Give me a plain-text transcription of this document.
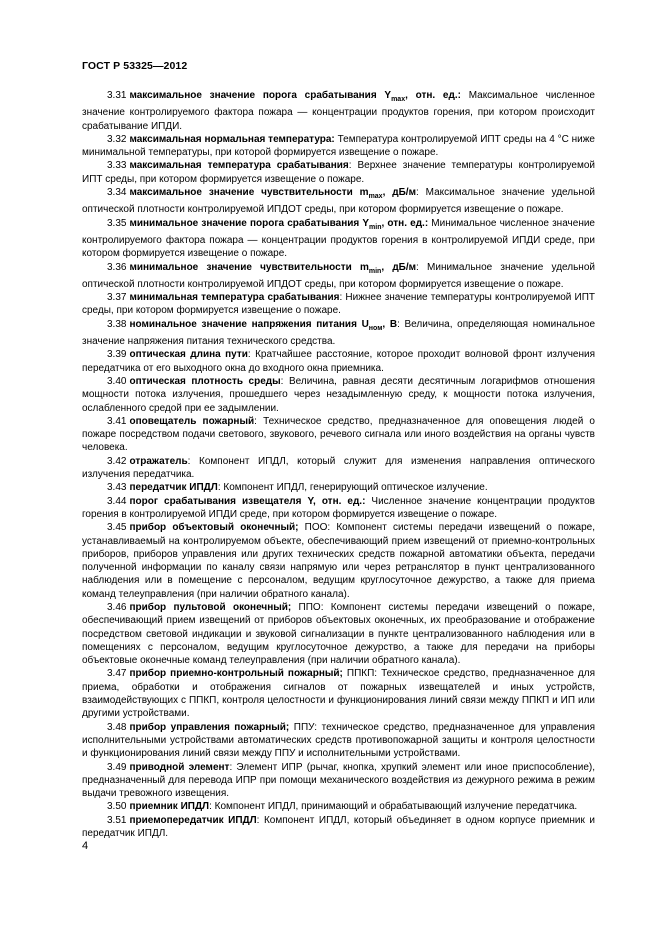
ГОСТ Р 53325—2012

3.31 максимальное значение порога срабатывания $Y_{max}$, отн. ед.: Максимальное численное значение контролируемого фактора пожара — концентрации продуктов горения, при котором происходит срабатывание ИПДИ.

3.32 максимальная нормальная температура: Температура контролируемой ИПТ среды на 4 °С ниже минимальной температуры, при которой формируется извещение о пожаре.

3.33 максимальная температура срабатывания: Верхнее значение температуры контролируемой ИПТ среды, при котором формируется извещение о пожаре.

3.34 максимальное значение чувствительности $m_{max}$, дБ/м: Максимальное значение удельной оптической плотности контролируемой ИПДОТ среды, при котором формируется извещение о пожаре.

3.35 минимальное значение порога срабатывания $Y_{min}$, отн. ед.: Минимальное численное значение контролируемого фактора пожара — концентрации продуктов горения в контролируемой ИПДИ среде, при котором формируется извещение о пожаре.

3.36 минимальное значение чувствительности $m_{min}$, дБ/м: Минимальное значение удельной оптической плотности контролируемой ИПДОТ среды, при котором формируется извещение о пожаре.

3.37 минимальная температура срабатывания: Нижнее значение температуры контролируемой ИПТ среды, при котором формируется извещение о пожаре.

3.38 номинальное значение напряжения питания $U_{ном}$, В: Величина, определяющая номинальное значение напряжения питания технического средства.

3.39 оптическая длина пути: Кратчайшее расстояние, которое проходит волновой фронт излучения передатчика от его выходного окна до входного окна приемника.

3.40 оптическая плотность среды: Величина, равная десяти десятичным логарифмов отношения мощности потока излучения, прошедшего через незадымленную среду, к мощности потока излучения, ослабленного средой при ее задымлении.

3.41 оповещатель пожарный: Техническое средство, предназначенное для оповещения людей о пожаре посредством подачи светового, звукового, речевого сигнала или иного воздействия на органы чувств человека.

3.42 отражатель: Компонент ИПДЛ, который служит для изменения направления оптического излучения передатчика.

3.43 передатчик ИПДЛ: Компонент ИПДЛ, генерирующий оптическое излучение.

3.44 порог срабатывания извещателя Y, отн. ед.: Численное значение концентрации продуктов горения в контролируемой ИПДИ среде, при котором формируется извещение о пожаре.

3.45 прибор объектовый оконечный; ПОО: Компонент системы передачи извещений о пожаре, устанавливаемый на контролируемом объекте, обеспечивающий прием извещений от приемно-контрольных приборов, приборов управления или других технических средств пожарной автоматики объекта, передачи полученной информации по каналу связи напрямую или через ретранслятор в пункт централизованного наблюдения или в помещение с персоналом, ведущим круглосуточное дежурство, а также для приема команд телеуправления (при наличии обратного канала).

3.46 прибор пультовой оконечный; ППО: Компонент системы передачи извещений о пожаре, обеспечивающий прием извещений от приборов объектовых оконечных, их преобразование и отображение посредством световой индикации и звуковой сигнализации в пункте централизованного наблюдения или в помещениях с персоналом, ведущим круглосуточное дежурство, а также для передачи на приборы объектовые оконечные команд телеуправления (при наличии обратного канала).

3.47 прибор приемно-контрольный пожарный; ППКП: Техническое средство, предназначенное для приема, обработки и отображения сигналов от пожарных извещателей и иных устройств, взаимодействующих с ППКП, контроля целостности и функционирования линий связи между ППКП и ИП или другими устройствами.

3.48 прибор управления пожарный; ППУ: техническое средство, предназначенное для управления исполнительными устройствами автоматических средств противопожарной защиты и контроля целостности и функционирования линий связи между ППУ и исполнительными устройствами.

3.49 приводной элемент: Элемент ИПР (рычаг, кнопка, хрупкий элемент или иное приспособление), предназначенный для перевода ИПР при помощи механического воздействия из дежурного режима в режим выдачи тревожного извещения.

3.50 приемник ИПДЛ: Компонент ИПДЛ, принимающий и обрабатывающий излучение передатчика.

3.51 приемопередатчик ИПДЛ: Компонент ИПДЛ, который объединяет в одном корпусе приемник и передатчик ИПДЛ.

4
